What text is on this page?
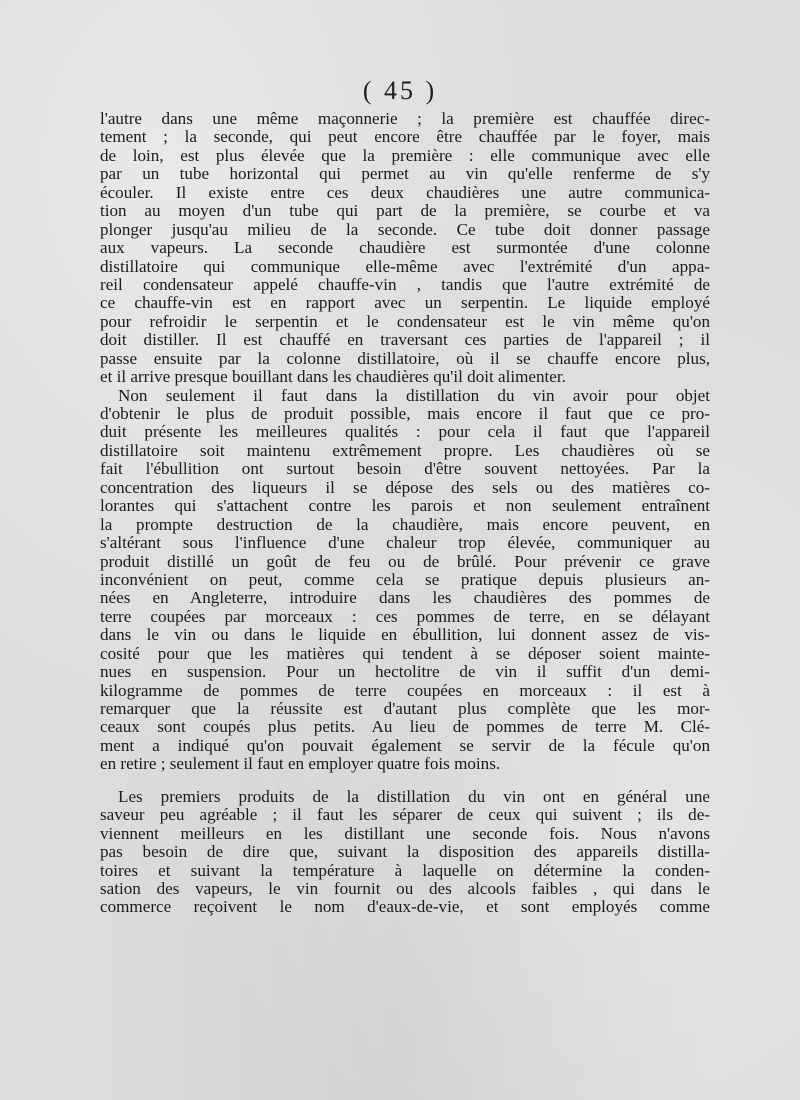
( 45 )
l'autre dans une même maçonnerie ; la première est chauffée direc-
tement ; la seconde, qui peut encore être chauffée par le foyer, mais
de loin, est plus élevée que la première : elle communique avec elle
par un tube horizontal qui permet au vin qu'elle renferme de s'y
écouler. Il existe entre ces deux chaudières une autre communica-
tion au moyen d'un tube qui part de la première, se courbe et va
plonger jusqu'au milieu de la seconde. Ce tube doit donner passage
aux vapeurs. La seconde chaudière est surmontée d'une colonne
distillatoire qui communique elle-même avec l'extrémité d'un appa-
reil condensateur appelé chauffe-vin , tandis que l'autre extrémité de
ce chauffe-vin est en rapport avec un serpentin. Le liquide employé
pour refroidir le serpentin et le condensateur est le vin même qu'on
doit distiller. Il est chauffé en traversant ces parties de l'appareil ; il
passe ensuite par la colonne distillatoire, où il se chauffe encore plus,
et il arrive presque bouillant dans les chaudières qu'il doit alimenter.
Non seulement il faut dans la distillation du vin avoir pour objet
d'obtenir le plus de produit possible, mais encore il faut que ce pro-
duit présente les meilleures qualités : pour cela il faut que l'appareil
distillatoire soit maintenu extrêmement propre. Les chaudières où se
fait l'ébullition ont surtout besoin d'être souvent nettoyées. Par la
concentration des liqueurs il se dépose des sels ou des matières co-
lorantes qui s'attachent contre les parois et non seulement entraînent
la prompte destruction de la chaudière, mais encore peuvent, en
s'altérant sous l'influence d'une chaleur trop élevée, communiquer au
produit distillé un goût de feu ou de brûlé. Pour prévenir ce grave
inconvénient on peut, comme cela se pratique depuis plusieurs an-
nées en Angleterre, introduire dans les chaudières des pommes de
terre coupées par morceaux : ces pommes de terre, en se délayant
dans le vin ou dans le liquide en ébullition, lui donnent assez de vis-
cosité pour que les matières qui tendent à se déposer soient mainte-
nues en suspension. Pour un hectolitre de vin il suffit d'un demi-
kilogramme de pommes de terre coupées en morceaux : il est à
remarquer que la réussite est d'autant plus complète que les mor-
ceaux sont coupés plus petits. Au lieu de pommes de terre M. Clé-
ment a indiqué qu'on pouvait également se servir de la fécule qu'on
en retire ; seulement il faut en employer quatre fois moins.
Les premiers produits de la distillation du vin ont en général une
saveur peu agréable ; il faut les séparer de ceux qui suivent ; ils de-
viennent meilleurs en les distillant une seconde fois. Nous n'avons
pas besoin de dire que, suivant la disposition des appareils distilla-
toires et suivant la température à laquelle on détermine la conden-
sation des vapeurs, le vin fournit ou des alcools faibles , qui dans le
commerce reçoivent le nom d'eaux-de-vie, et sont employés comme
